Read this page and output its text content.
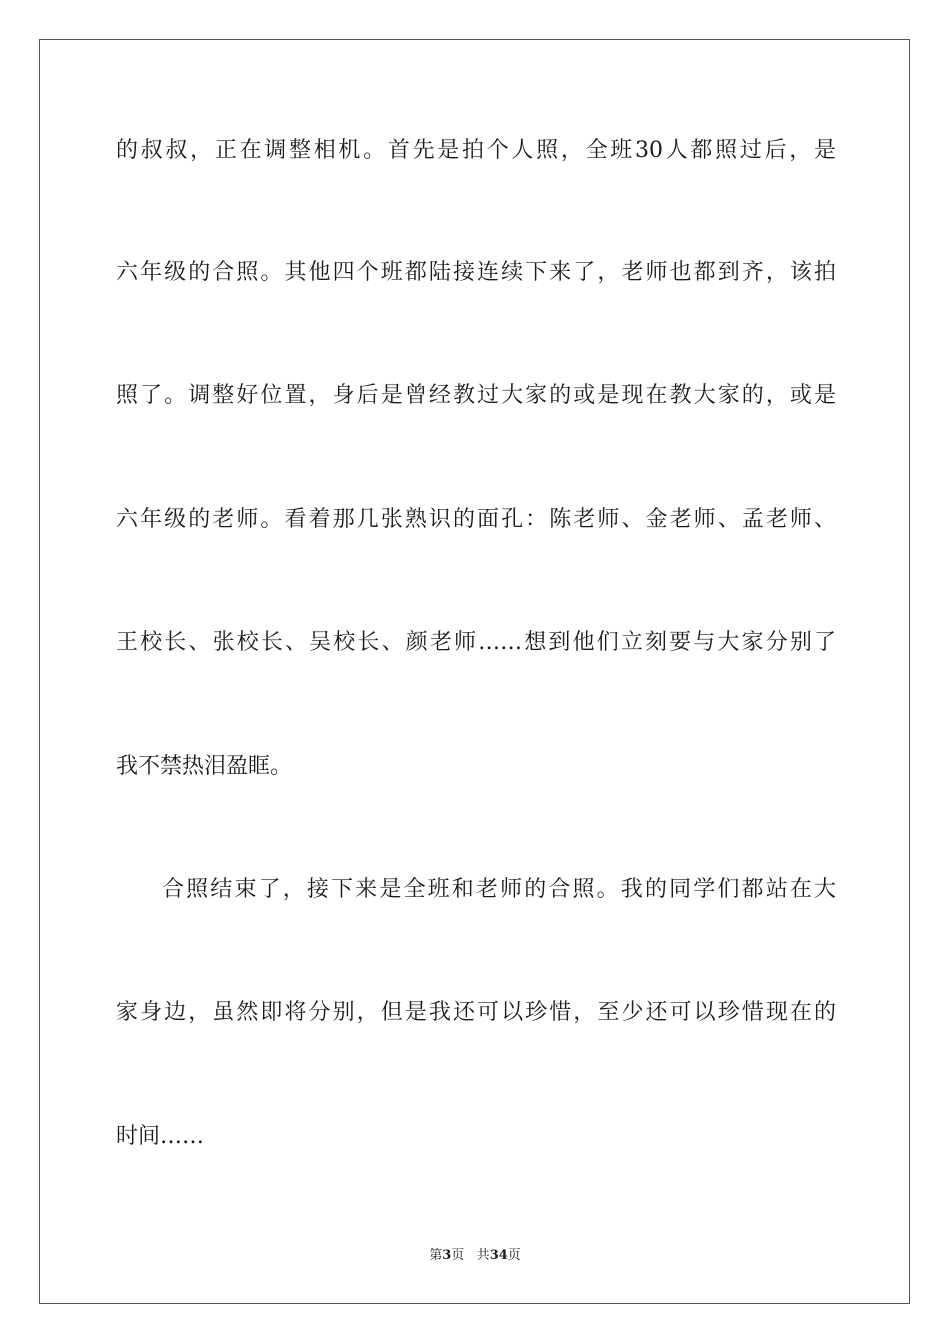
的叔叔，正在调整相机。首先是拍个人照，全班30人都照过后，是
六年级的合照。其他四个班都陆接连续下来了，老师也都到齐，该拍
照了。调整好位置，身后是曾经教过大家的或是现在教大家的，或是
六年级的老师。看着那几张熟识的面孔：陈老师、金老师、孟老师、
王校长、张校长、吴校长、颜老师……想到他们立刻要与大家分别了
我不禁热泪盈眶。
合照结束了，接下来是全班和老师的合照。我的同学们都站在大
家身边，虽然即将分别，但是我还可以珍惜，至少还可以珍惜现在的
时间……
第3页 共34页
